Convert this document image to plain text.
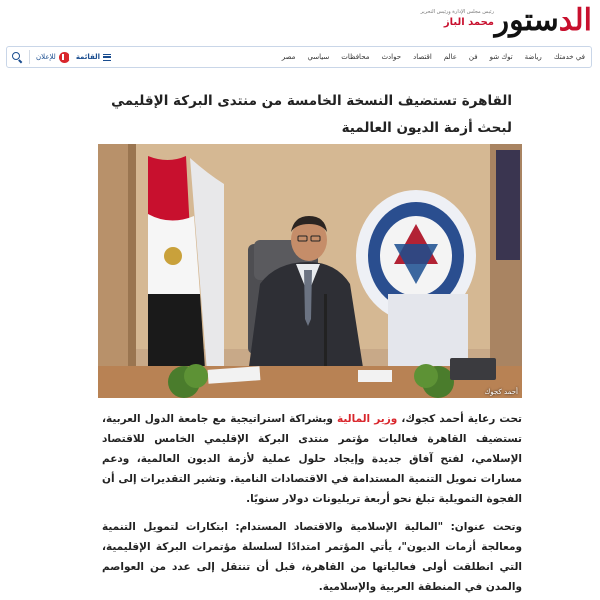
الدستور
رئيس مجلس الإدارة ورئيس التحرير
محمد الباز
مصر سياسي محافظات حوادث اقتصاد عالم فن توك شو رياضة في خدمتك
للإعلان	القائمة
القاهرة تستضيف النسخة الخامسة من منتدى البركة الإقليمي لبحث أزمة الديون العالمية
أحمد كجوك

تحت رعاية أحمد كجوك، وزير المالية وبشراكة استراتيجية مع جامعة الدول العربية، تستضيف القاهرة فعاليات مؤتمر منتدى البركة الإقليمي الخامس للاقتصاد الإسلامي، لفتح آفاق جديدة وإيجاد حلول عملية لأزمة الديون العالمية، ودعم مسارات تمويل التنمية المستدامة في الاقتصادات النامية. وتشير التقديرات إلى أن الفجوة التمويلية تبلغ نحو أربعة تريليونات دولار سنويًا.

وتحت عنوان: "المالية الإسلامية والاقتصاد المستدام: ابتكارات لتمويل التنمية ومعالجة أزمات الديون"، يأتي المؤتمر امتدادًا لسلسلة مؤتمرات البركة الإقليمية، التي انطلقت أولى فعالياتها من القاهرة، قبل أن تنتقل إلى عدد من العواصم والمدن في المنطقة العربية والإسلامية.
